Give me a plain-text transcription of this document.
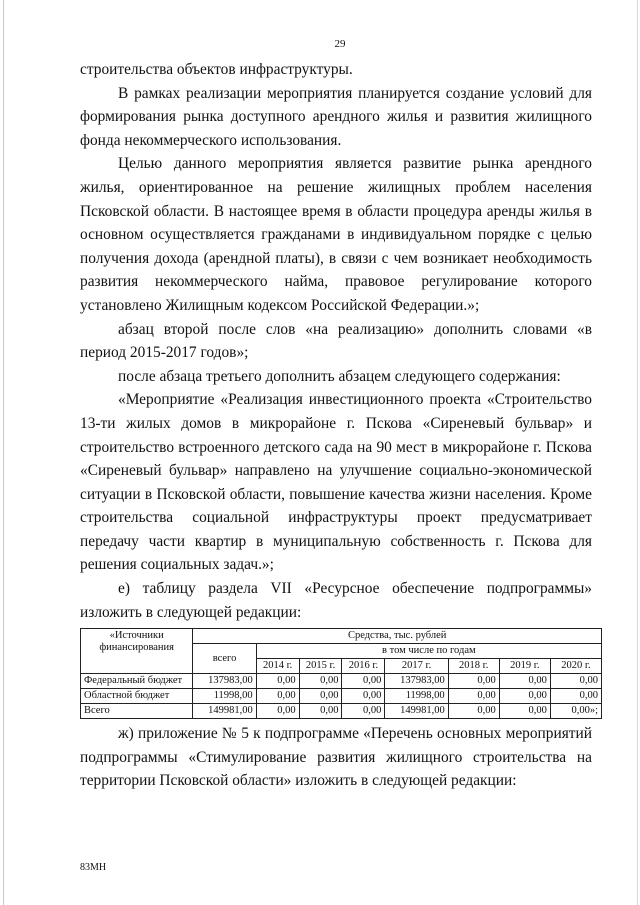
29

строительства объектов инфраструктуры.

В рамках реализации мероприятия планируется создание условий для формирования рынка доступного арендного жилья и развития жилищного фонда некоммерческого использования.

Целью данного мероприятия является развитие рынка арендного жилья, ориентированное на решение жилищных проблем населения Псковской области. В настоящее время в области процедура аренды жилья в основном осуществляется гражданами в индивидуальном порядке с целью получения дохода (арендной платы), в связи с чем возникает необходимость развития некоммерческого найма, правовое регулирование которого установлено Жилищным кодексом Российской Федерации.»;

абзац второй после слов «на реализацию» дополнить словами «в период 2015-2017 годов»;

после абзаца третьего дополнить абзацем следующего содержания:

«Мероприятие «Реализация инвестиционного проекта «Строительство 13-ти жилых домов в микрорайоне г. Пскова «Сиреневый бульвар» и строительство встроенного детского сада на 90 мест в микрорайоне г. Пскова «Сиреневый бульвар» направлено на улучшение социально-экономической ситуации в Псковской области, повышение качества жизни населения. Кроме строительства социальной инфраструктуры проект предусматривает передачу части квартир в муниципальную собственность г. Пскова для решения социальных задач.»;

е) таблицу раздела VII «Ресурсное обеспечение подпрограммы» изложить в следующей редакции:

«Источники финансирования	Средства, тыс. рублей							
	всего	в том числе по годам						
		2014 г.	2015 г.	2016 г.	2017 г.	2018 г.	2019 г.	2020 г.
Федеральный бюджет	137983,00	0,00	0,00	0,00	137983,00	0,00	0,00	0,00
Областной бюджет	11998,00	0,00	0,00	0,00	11998,00	0,00	0,00	0,00
Всего	149981,00	0,00	0,00	0,00	149981,00	0,00	0,00	0,00»;

ж) приложение № 5 к подпрограмме «Перечень основных мероприятий подпрограммы «Стимулирование развития жилищного строительства на территории Псковской области» изложить в следующей редакции:

83МН
